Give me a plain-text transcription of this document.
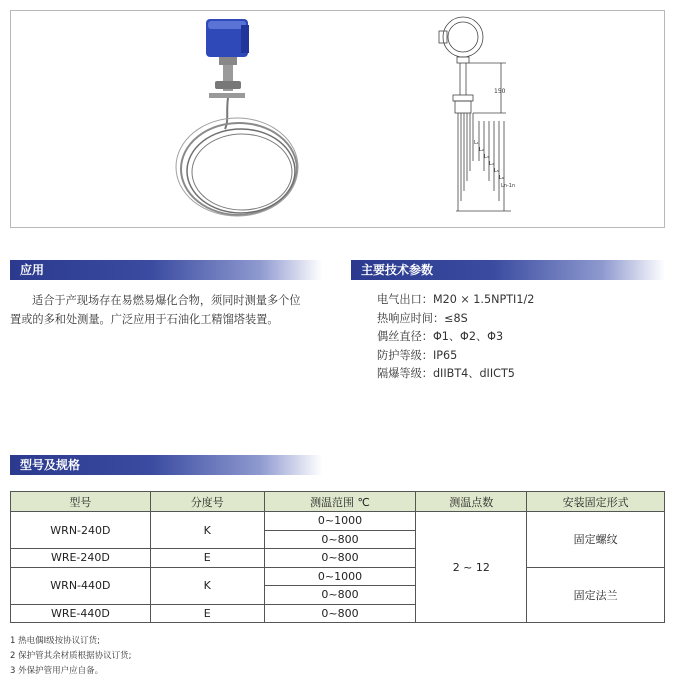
150
L₁
L₂
L₃
L₄
L₅
L₆
Ln-1n
应用
适合于产现场存在易燃易爆化合物，须同时测量多个位
置或的多和处测量。广泛应用于石油化工精馏塔装置。
主要技术参数
电气出口：M20 × 1.5NPTI1/2
热响应时间：≤8S
偶丝直径：Φ1、Φ2、Φ3
防护等级：IP65
隔爆等级：dIIBT4、dIICT5
型号及规格
型号	分度号	测温范围 ℃	测温点数	安装固定形式
WRN-240D	K	0~1000	2 ~ 12	固定螺纹
		0~800		
WRE-240D	E	0~800		
WRN-440D	K	0~1000		固定法兰
		0~800		
WRE-440D	E	0~800		
1 热电偶Ⅰ级按协议订货;
2 保护管其余材质根据协议订货;
3 外保护管用户应自备。
